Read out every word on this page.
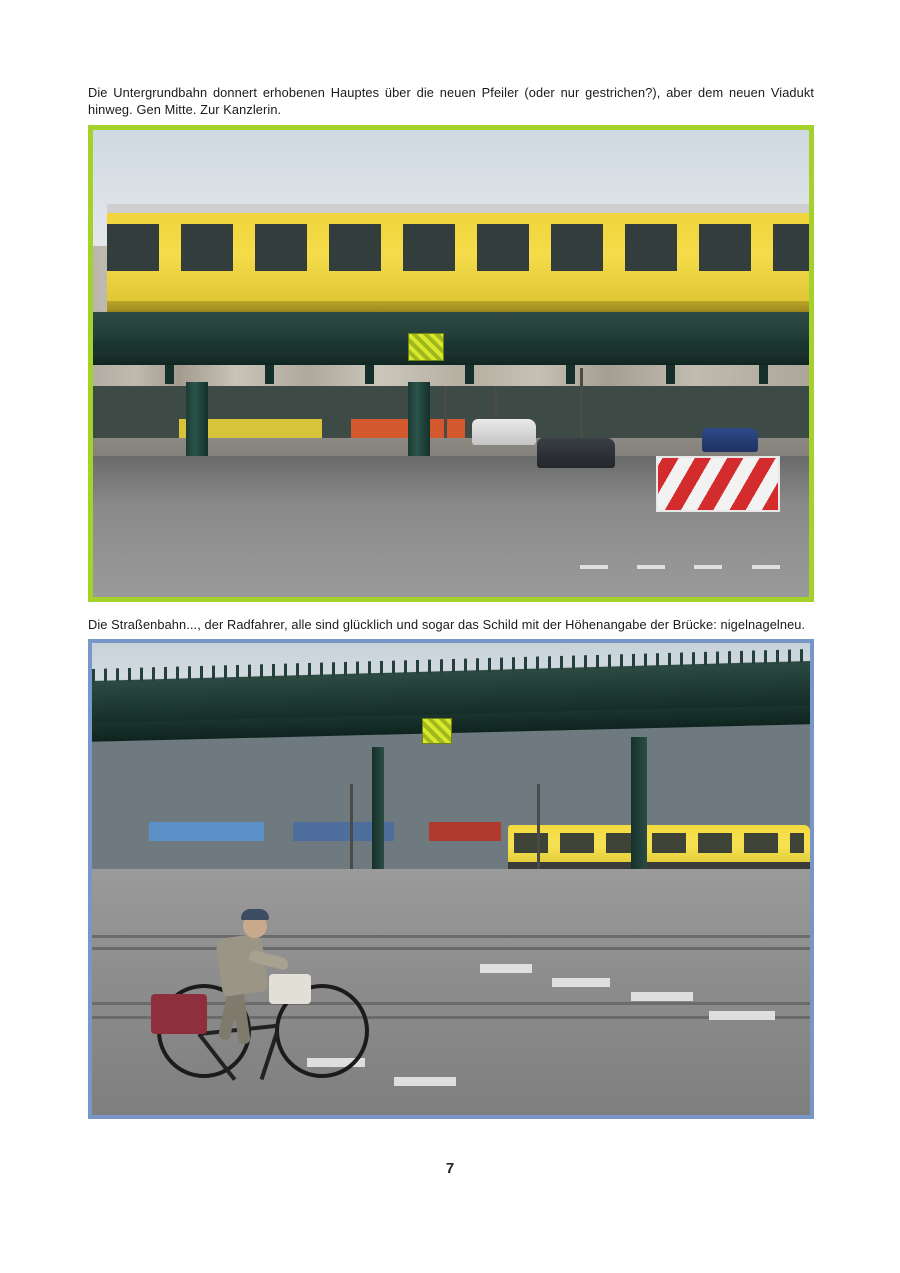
Die Untergrundbahn donnert erhobenen Hauptes über die neuen Pfeiler (oder nur gestrichen?), aber dem neuen Viadukt hinweg. Gen Mitte. Zur Kanzlerin.

Die Straßenbahn..., der Radfahrer, alle sind glücklich und sogar das Schild mit der Höhenangabe der Brücke: nigelnagelneu.

7
